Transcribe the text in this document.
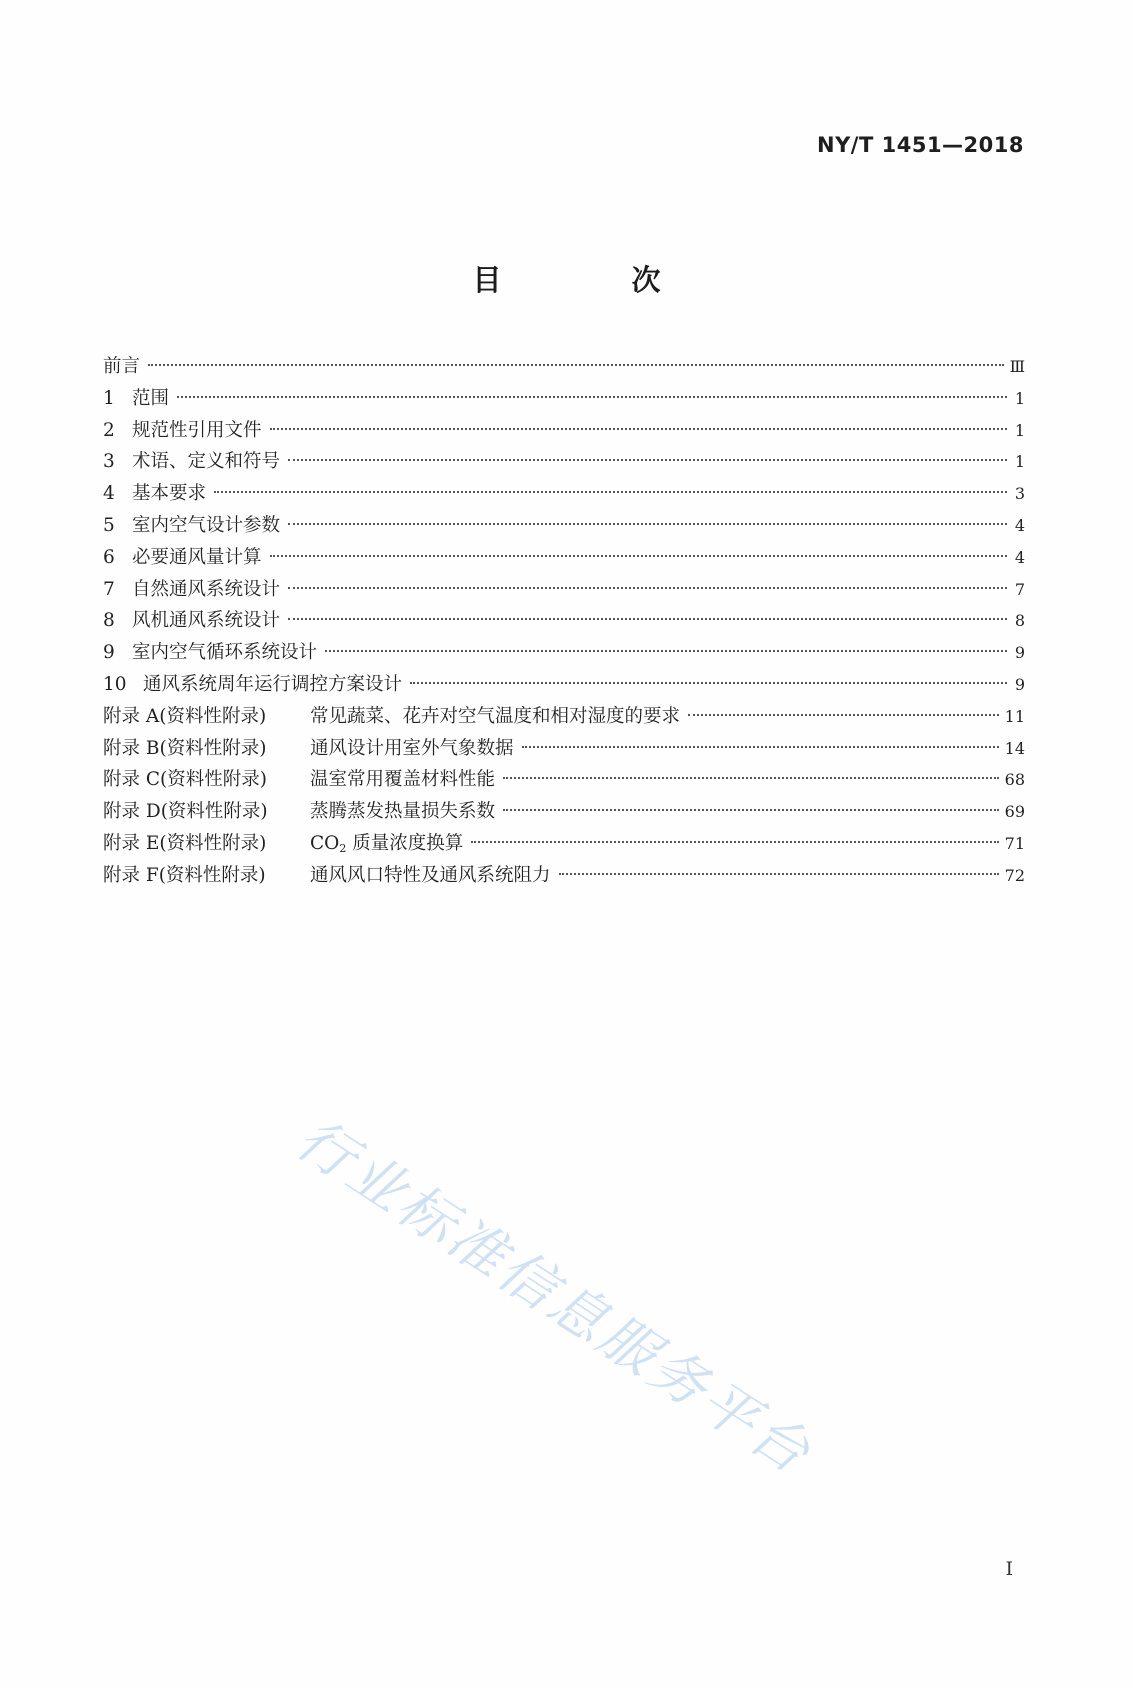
NY/T 1451—2018
目 次
前言	Ⅲ
1 范围	1
2 规范性引用文件	1
3 术语、定义和符号	1
4 基本要求	3
5 室内空气设计参数	4
6 必要通风量计算	4
7 自然通风系统设计	7
8 风机通风系统设计	8
9 室内空气循环系统设计	9
10 通风系统周年运行调控方案设计	9
附录 A(资料性附录)	常见蔬菜、花卉对空气温度和相对湿度的要求	11
附录 B(资料性附录)	通风设计用室外气象数据	14
附录 C(资料性附录)	温室常用覆盖材料性能	68
附录 D(资料性附录)	蒸腾蒸发热量损失系数	69
附录 E(资料性附录)	$CO_2$ 质量浓度换算	71
附录 F(资料性附录)	通风风口特性及通风系统阻力	72
行业标准信息服务平台
I
